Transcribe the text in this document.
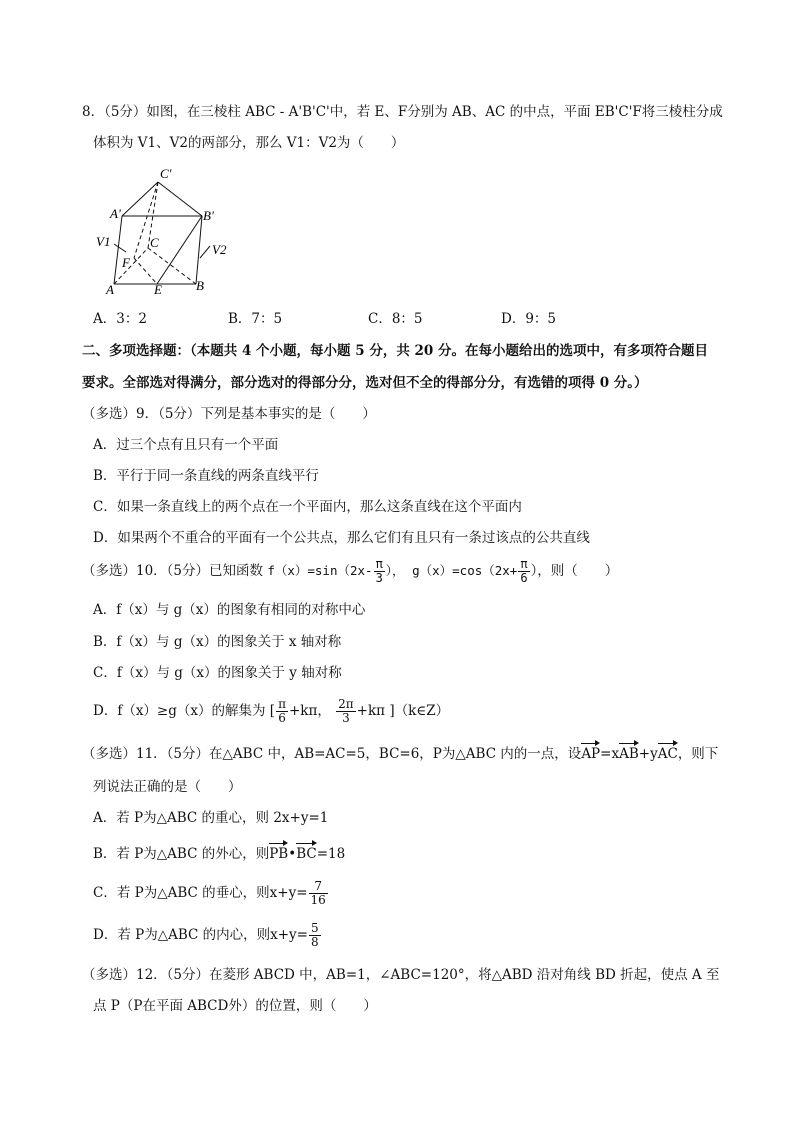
8．（5分）如图，在三棱柱 ABC - A'B'C'中，若 E、F分别为 AB、AC 的中点，平面 EB'C'F将三棱柱分成
体积为 V1、V2的两部分，那么 V1：V2为（　　）
C'
A'	B'
V1	C	V2
F
A	E	B
A．3：2	B．7：5	C．8：5	D．9：5
二、多项选择题：（本题共 4 个小题，每小题 5 分，共 20 分。在每小题给出的选项中，有多项符合题目
要求。全部选对得满分，部分选对的得部分分，选对但不全的得部分分，有选错的项得 0 分。）
（多选）9．（5分）下列是基本事实的是（　　）
A．过三个点有且只有一个平面
B．平行于同一条直线的两条直线平行
C．如果一条直线上的两个点在一个平面内，那么这条直线在这个平面内
D．如果两个不重合的平面有一个公共点，那么它们有且只有一条过该点的公共直线
（多选）10．（5分）已知函数 $f(x)=\sin(2x- \frac{\pi}{3}$ ）， $g(x)=\cos(2x+ \frac{\pi}{6}$ ），则（　　）
A．f（x）与 g（x）的图象有相同的对称中心
B．f（x）与 g（x）的图象关于 x 轴对称
C．f（x）与 g（x）的图象关于 y 轴对称
D．f（x）≥g（x）的解集为 [ $\frac{\pi}{6} +k\pi$， $\frac{2\pi}{3} +k\pi$ ]（k∈Z）
（多选）11．（5分）在△ABC 中，AB=AC=5，BC=6，P为△ABC 内的一点，设AP=xAB+yAC，则下
列说法正确的是（　　）
A．若 P为△ABC 的重心，则 2x+y=1
B．若 P为△ABC 的外心，则PB•BC=18
C．若 P为△ABC 的垂心，则$x+y= \frac{7}{16}$
D．若 P为△ABC 的内心，则$x+y= \frac{5}{8}$
（多选）12．（5分）在菱形 ABCD 中，AB=1，∠ABC=120°，将△ABD 沿对角线 BD 折起，使点 A 至
点 P（P在平面 ABCD外）的位置，则（　　）
